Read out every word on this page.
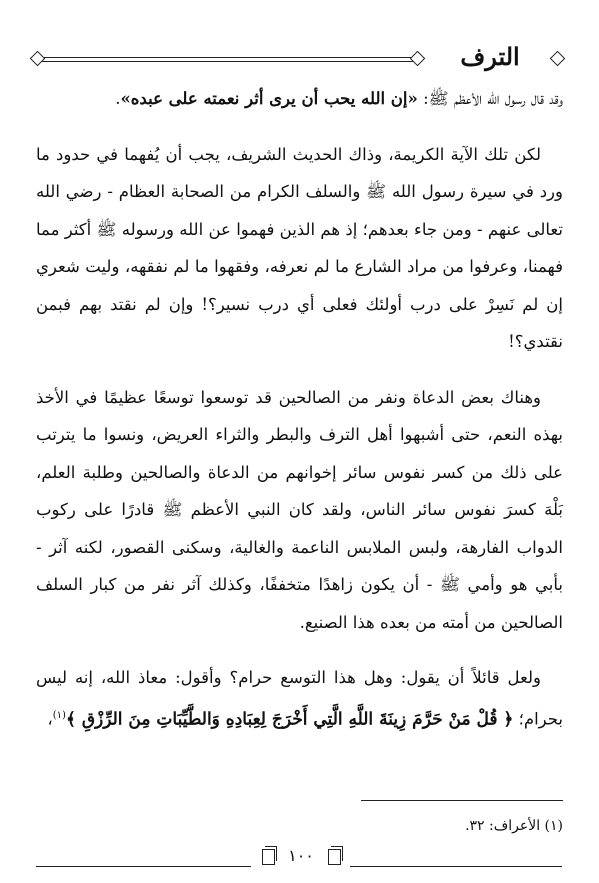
الترف

وقد قال رسول الله الأعظم ﷺ: «إن الله يحب أن يرى أثر نعمته على عبده».

لكن تلك الآية الكريمة، وذاك الحديث الشريف، يجب أن يُفهما في حدود ما ورد في سيرة رسول الله ﷺ والسلف الكرام من الصحابة العظام - رضي الله تعالى عنهم - ومن جاء بعدهم؛ إذ هم الذين فهموا عن الله ورسوله ﷺ أكثر مما فهمنا، وعرفوا من مراد الشارع ما لم نعرفه، وفقهوا ما لم نفقهه، وليت شعري إن لم نَسِرْ على درب أولئك فعلى أي درب نسير؟! وإن لم نقتد بهم فبمن نقتدي؟!

وهناك بعض الدعاة ونفر من الصالحين قد توسعوا توسعًا عظيمًا في الأخذ بهذه النعم، حتى أشبهوا أهل الترف والبطر والثراء العريض، ونسوا ما يترتب على ذلك من كسر نفوس سائر إخوانهم من الدعاة والصالحين وطلبة العلم، بَلْهَ كسرَ نفوس سائر الناس، ولقد كان النبي الأعظم ﷺ قادرًا على ركوب الدواب الفارهة، ولبس الملابس الناعمة والغالية، وسكنى القصور، لكنه آثر - بأبي هو وأمي ﷺ - أن يكون زاهدًا متخففًا، وكذلك آثر نفر من كبار السلف الصالحين من أمته من بعده هذا الصنيع.

ولعل قائلاً أن يقول: وهل هذا التوسع حرام؟ وأقول: معاذ الله، إنه ليس بحرام؛ ﴿ قُلْ مَنْ حَرَّمَ زِينَةَ اللَّهِ الَّتِي أَخْرَجَ لِعِبَادِهِ وَالطَّيِّبَاتِ مِنَ الرِّزْقِ ﴾$^{(١)}$،

(١) الأعراف: ٣٢.
١٠٠
